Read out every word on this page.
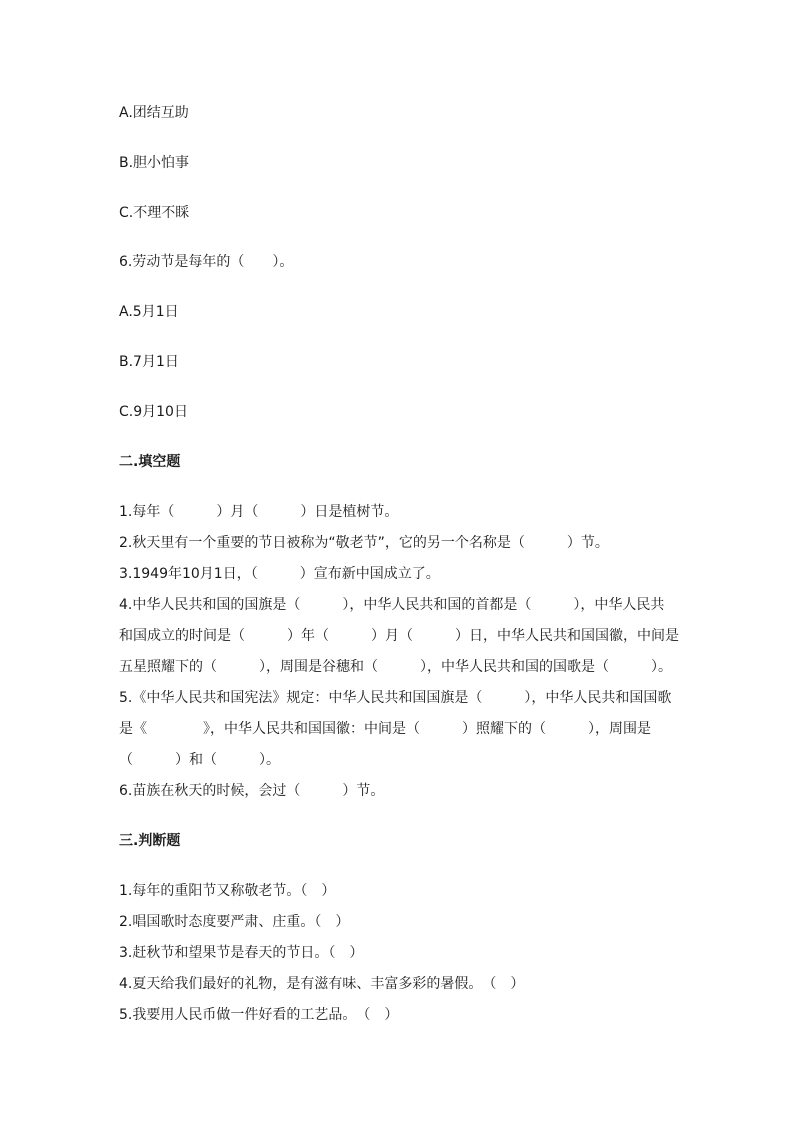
A.团结互助
B.胆小怕事
C.不理不睬
6.劳动节是每年的（　　）。
A.5月1日
B.7月1日
C.9月10日
二.填空题
1.每年（　　　）月（　　　）日是植树节。
2.秋天里有一个重要的节日被称为“敬老节”，它的另一个名称是（　　　）节。
3.1949年10月1日，（　　　）宣布新中国成立了。
4.中华人民共和国的国旗是（　　　），中华人民共和国的首都是（　　　），中华人民共
和国成立的时间是（　　　）年（　　　）月（　　　）日，中华人民共和国国徽，中间是
五星照耀下的（　　　），周围是谷穗和（　　　），中华人民共和国的国歌是（　　　）。
5.《中华人民共和国宪法》规定：中华人民共和国国旗是（　　　），中华人民共和国国歌
是《　　　　》，中华人民共和国国徽：中间是（　　　）照耀下的（　　　），周围是
（　　　）和（　　　）。
6.苗族在秋天的时候，会过（　　　）节。
三.判断题
1.每年的重阳节又称敬老节。（　）
2.唱国歌时态度要严肃、庄重。（　）
3.赶秋节和望果节是春天的节日。（　）
4.夏天给我们最好的礼物，是有滋有味、丰富多彩的暑假。　（　）
5.我要用人民币做一件好看的工艺品。　（　）
